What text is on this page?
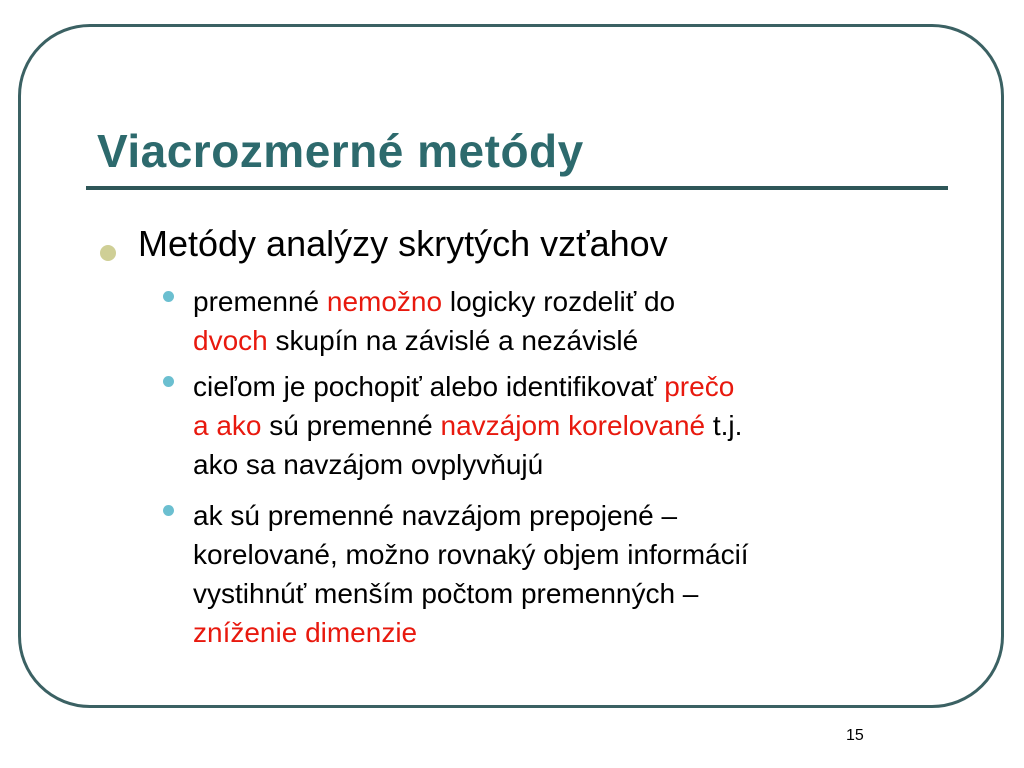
Viacrozmerné metódy
Metódy analýzy skrytých vzťahov
premenné nemožno logicky rozdeliť do
dvoch skupín na závislé a nezávislé
cieľom je pochopiť alebo identifikovať prečo
a ako sú premenné navzájom korelované t.j.
ako sa navzájom ovplyvňujú
ak sú premenné navzájom prepojené –
korelované, možno rovnaký objem informácií
vystihnúť menším počtom premenných –
zníženie dimenzie
15
